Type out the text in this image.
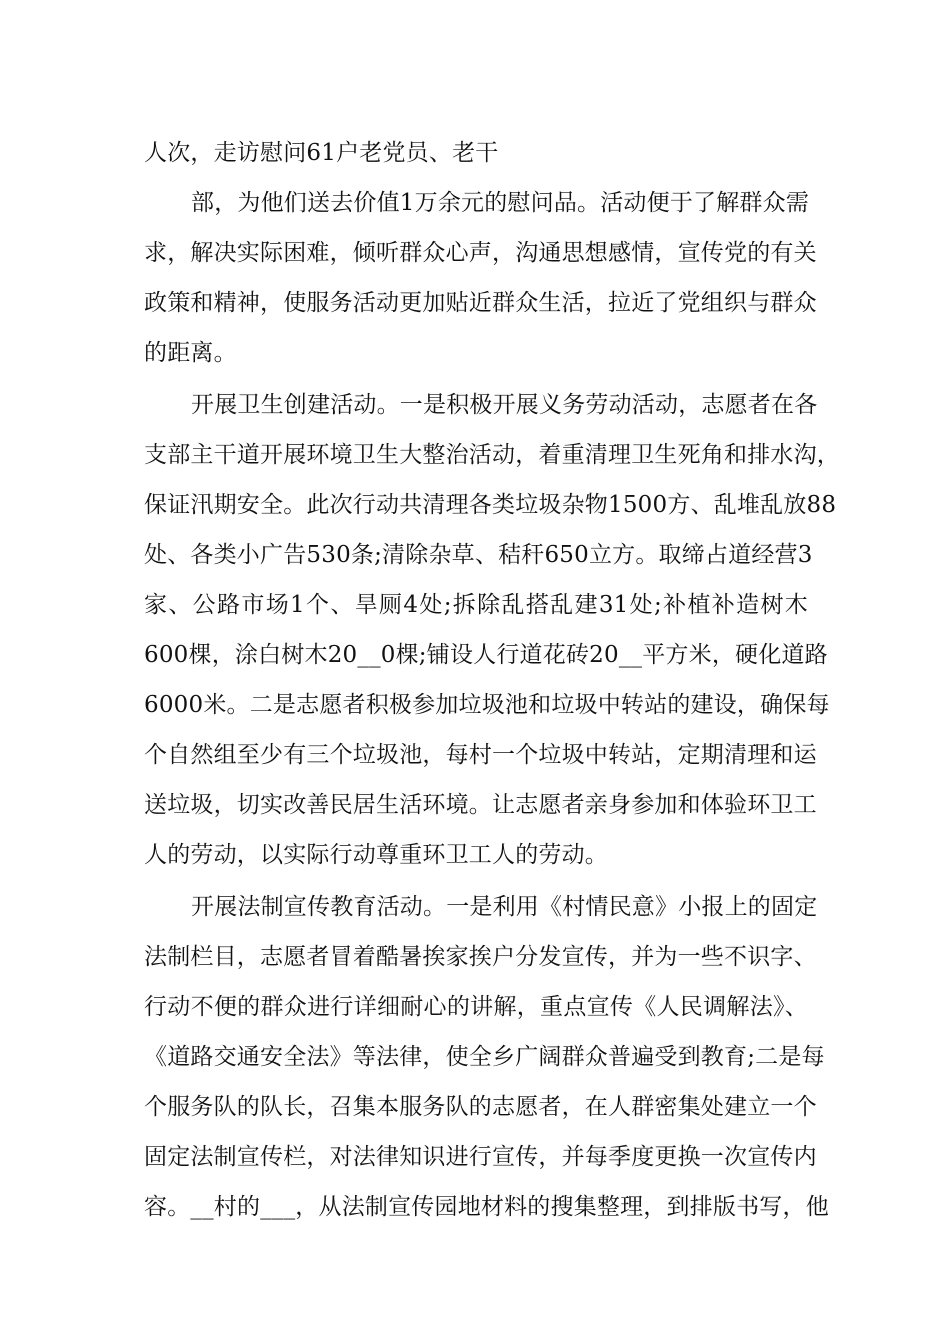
人次，走访慰问61户老党员、老干
部，为他们送去价值1万余元的慰问品。活动便于了解群众需
求，解决实际困难，倾听群众心声，沟通思想感情，宣传党的有关
政策和精神，使服务活动更加贴近群众生活，拉近了党组织与群众
的距离。
开展卫生创建活动。一是积极开展义务劳动活动，志愿者在各
支部主干道开展环境卫生大整治活动，着重清理卫生死角和排水沟，
保证汛期安全。此次行动共清理各类垃圾杂物1500方、乱堆乱放88
处、各类小广告530条;清除杂草、秸秆650立方。取缔占道经营3
家、公路市场1个、旱厕4处;拆除乱搭乱建31处;补植补造树木
600棵，涂白树木20__0棵;铺设人行道花砖20__平方米，硬化道路
6000米。二是志愿者积极参加垃圾池和垃圾中转站的建设，确保每
个自然组至少有三个垃圾池，每村一个垃圾中转站，定期清理和运
送垃圾，切实改善民居生活环境。让志愿者亲身参加和体验环卫工
人的劳动，以实际行动尊重环卫工人的劳动。
开展法制宣传教育活动。一是利用《村情民意》小报上的固定
法制栏目，志愿者冒着酷暑挨家挨户分发宣传，并为一些不识字、
行动不便的群众进行详细耐心的讲解，重点宣传《人民调解法》、
《道路交通安全法》等法律，使全乡广阔群众普遍受到教育;二是每
个服务队的队长，召集本服务队的志愿者，在人群密集处建立一个
固定法制宣传栏，对法律知识进行宣传，并每季度更换一次宣传内
容。__村的___，从法制宣传园地材料的搜集整理，到排版书写，他
